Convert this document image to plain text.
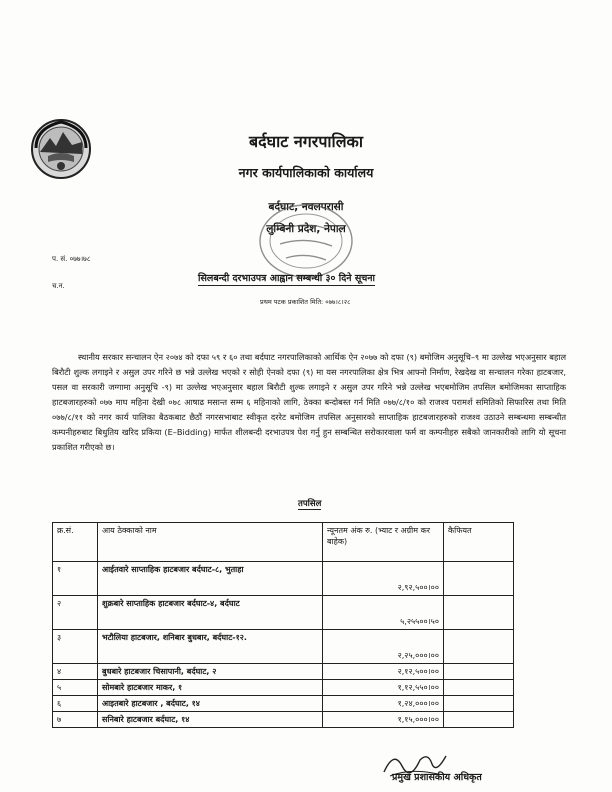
बर्दघाट नगरपालिका
नगर कार्यपालिकाको कार्यालय
बर्दघाट, नवलपरासी
लुम्बिनी प्रदेश, नेपाल
प. सं. ०७७।७८
च.न.
सिलबन्दी दरभाउपत्र आह्वान सम्बन्धी ३० दिने सूचना
प्रथम पटक प्रकाशित मिति: ०७७।८।२८

स्थानीय सरकार सन्चालन ऐन २०७४ को दफा ५९ र ६० तथा बर्दघाट नगरपालिकाको आर्थिक ऐन २०७७ को दफा (९) बमोजिम अनुसूचि–९ मा उल्लेख भएअनुसार बहाल बिरौटी शुल्क लगाइने र असुल उपर गरिने छ भन्ने उल्लेख भएको र सोही ऐनको दफा (९) मा यस नगरपालिका क्षेत्र भित्र आफ्नो निर्माण, रेखदेख वा सन्चालन गरेका हाटबजार, पसल वा सरकारी जग्गामा अनुसूचि -९) मा उल्लेख भएअनुसार बहाल बिरौटी शुल्क लगाइने र असुल उपर गरिने भन्ने उल्लेख भएबमोजिम तपसिल बमोजिमका साप्ताहिक हाटबजारहरुको ०७७ माघ महिना देखी ०७८ आषाढ मसान्त सम्म ६ महिनाको लागि, ठेक्का बन्दोबस्त गर्न मिति ०७७/८/१० को राजश्व परामर्श समितिको सिफारिस तथा मिति ०७७/८/११ को नगर कार्य पालिका बैठकबाट छैठौं नगरसभाबाट स्वीकृत दररेट बमोजिम तपसिल अनुसारको साप्ताहिक हाटबजारहरुको राजश्व उठाउने सम्बन्धमा सम्बन्धीत कम्पनीहरुबाट बिधुतिय खरिद प्रकिया (E–Bidding) मार्फत शीलबन्दी दरभाउपत्र पेश गर्नु हुन सम्बन्धित सरोकारवाला फर्म वा कम्पनीहरु सबैको जानकारीको लागि यो सूचना प्रकाशित गरीएको छ।

तपसिल
क्र.सं.	आय ठेक्काको नाम	न्यूनतम अंक रु. (भ्याट र अग्रीम कर बाहेक)	कैफियत
१	आईतवारे साप्ताहिक हाटबजार बर्दघाट-८, भुताहा	२,९२,५००।००	
२	शुक्रबारे साप्ताहिक हाटबजार बर्दघाट-४, बर्दघाट	५,२५५००।५०	
३	भटौलिया हाटबजार, शनिबार बुधबार, बर्दघाट-१२.	२,२५,०००।००	
४	बुधबारे हाटबजार चिसापानी, बर्दघाट, २	२,१२,५००।००	
५	सोमबारे हाटबजार माकर, १	१,१२,५५०।००	
६	आइतबारे हाटबजार , बर्दघाट, १४	१,२४,०००।००	
७	सनिबारे हाटबजार बर्दघाट, १४	१,१५,०००।००	
प्रमुख प्रशासकीय अधिकृत
